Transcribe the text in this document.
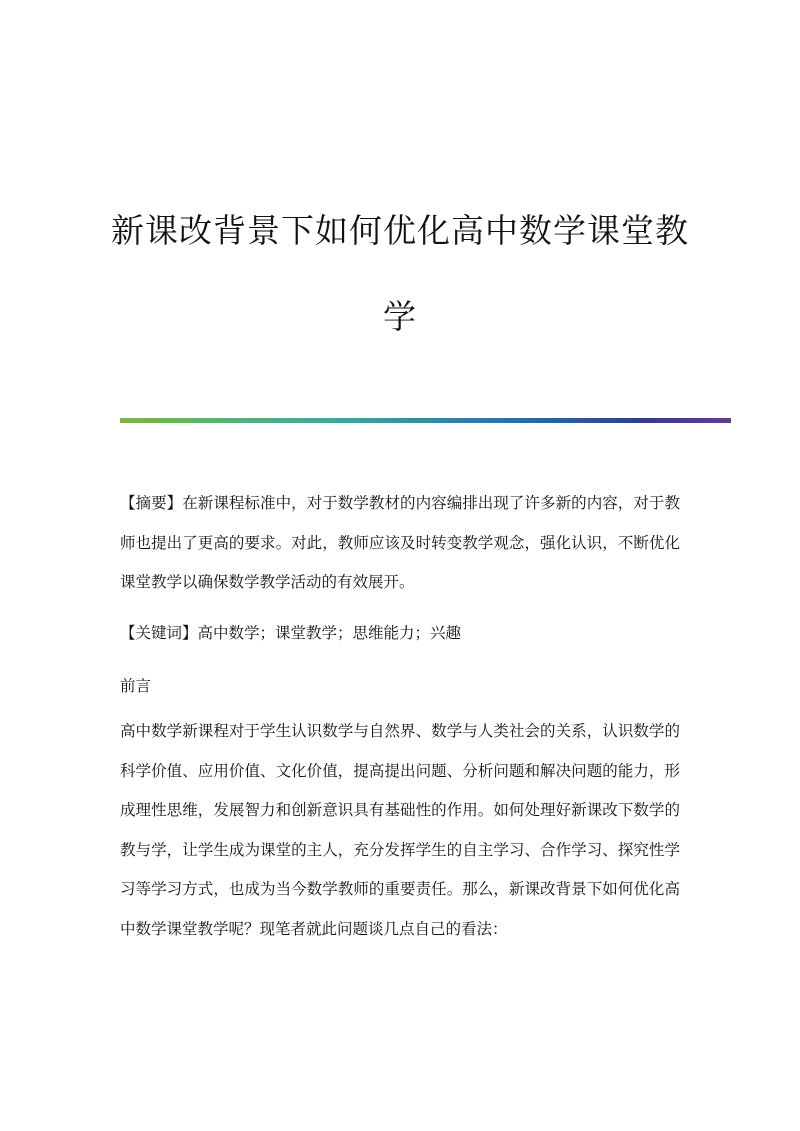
新课改背景下如何优化高中数学课堂教
学

【摘要】在新课程标准中，对于数学教材的内容编排出现了许多新的内容，对于教师也提出了更高的要求。对此，教师应该及时转变教学观念，强化认识，不断优化课堂教学以确保数学教学活动的有效展开。

【关键词】高中数学；课堂教学；思维能力；兴趣
前言

高中数学新课程对于学生认识数学与自然界、数学与人类社会的关系，认识数学的科学价值、应用价值、文化价值，提高提出问题、分析问题和解决问题的能力，形成理性思维，发展智力和创新意识具有基础性的作用。如何处理好新课改下数学的教与学，让学生成为课堂的主人，充分发挥学生的自主学习、合作学习、探究性学习等学习方式，也成为当今数学教师的重要责任。那么，新课改背景下如何优化高中数学课堂教学呢？现笔者就此问题谈几点自己的看法：
